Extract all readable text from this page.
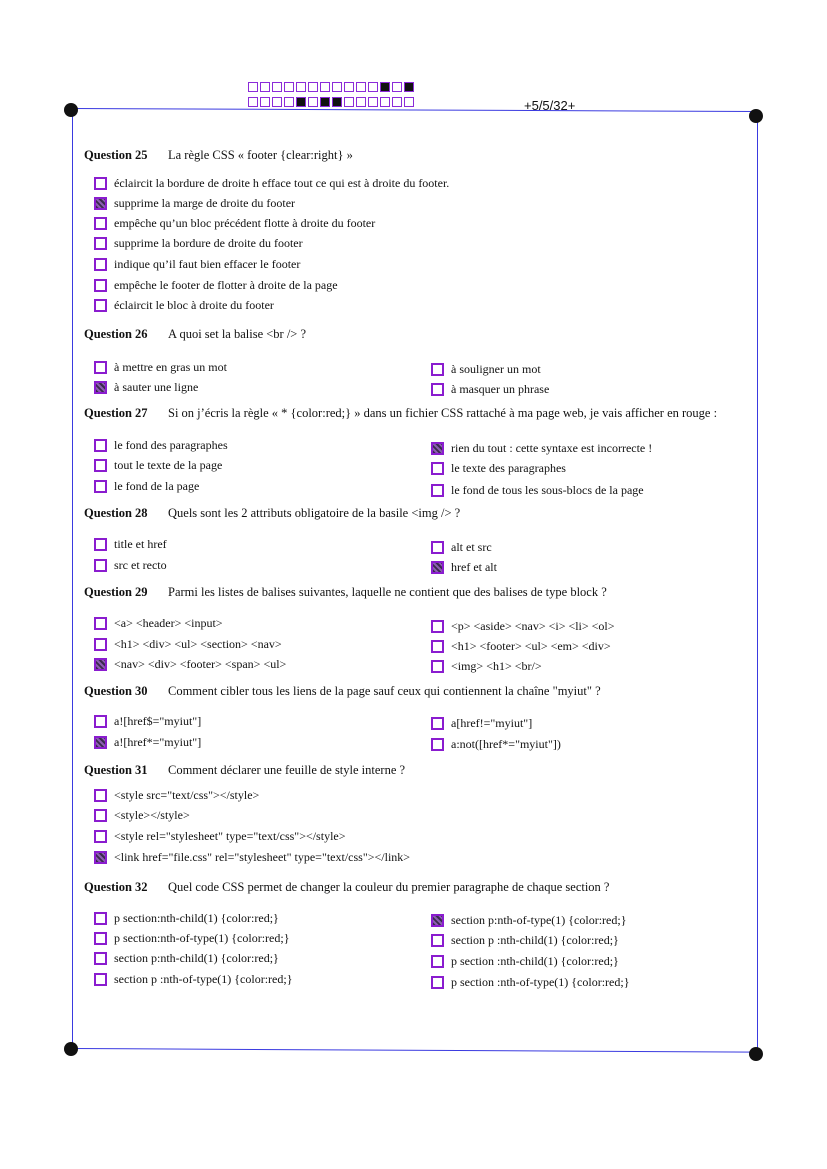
+5/5/32+
Question 25 La règle CSS « footer {clear:right} »
éclaircit la bordure de droite h efface tout ce qui est à droite du footer.
supprime la marge de droite du footer
empêche qu’un bloc précédent flotte à droite du footer
supprime la bordure de droite du footer
indique qu’il faut bien effacer le footer
empêche le footer de flotter à droite de la page
éclaircit le bloc à droite du footer
Question 26 A quoi set la balise <br /> ?
à mettre en gras un mot
à sauter une ligne
à souligner un mot
à masquer un phrase
Question 27 Si on j’écris la règle « * {color:red;} » dans un fichier CSS rattaché à ma page web, je vais afficher en rouge :
le fond des paragraphes
tout le texte de la page
le fond de la page
rien du tout : cette syntaxe est incorrecte !
le texte des paragraphes
le fond de tous les sous-blocs de la page
Question 28 Quels sont les 2 attributs obligatoire de la basile <img /> ?
title et href
src et recto
alt et src
href et alt
Question 29 Parmi les listes de balises suivantes, laquelle ne contient que des balises de type block ?
<a> <header> <input>
<h1> <div> <ul> <section> <nav>
<nav> <div> <footer> <span> <ul>
<p> <aside> <nav> <i> <li> <ol>
<h1> <footer> <ul> <em> <div>
<img> <h1> <br/>
Question 30 Comment cibler tous les liens de la page sauf ceux qui contiennent la chaîne "myiut" ?
a![href$="myiut"]
a![href*="myiut"]
a[href!="myiut"]
a:not([href*="myiut"])
Question 31 Comment déclarer une feuille de style interne ?
<style src="text/css"></style>
<style></style>
<style rel="stylesheet" type="text/css"></style>
<link href="file.css" rel="stylesheet" type="text/css"></link>
Question 32 Quel code CSS permet de changer la couleur du premier paragraphe de chaque section ?
p section:nth-child(1) {color:red;}
p section:nth-of-type(1) {color:red;}
section p:nth-child(1) {color:red;}
section p :nth-of-type(1) {color:red;}
section p:nth-of-type(1) {color:red;}
section p :nth-child(1) {color:red;}
p section :nth-child(1) {color:red;}
p section :nth-of-type(1) {color:red;}
